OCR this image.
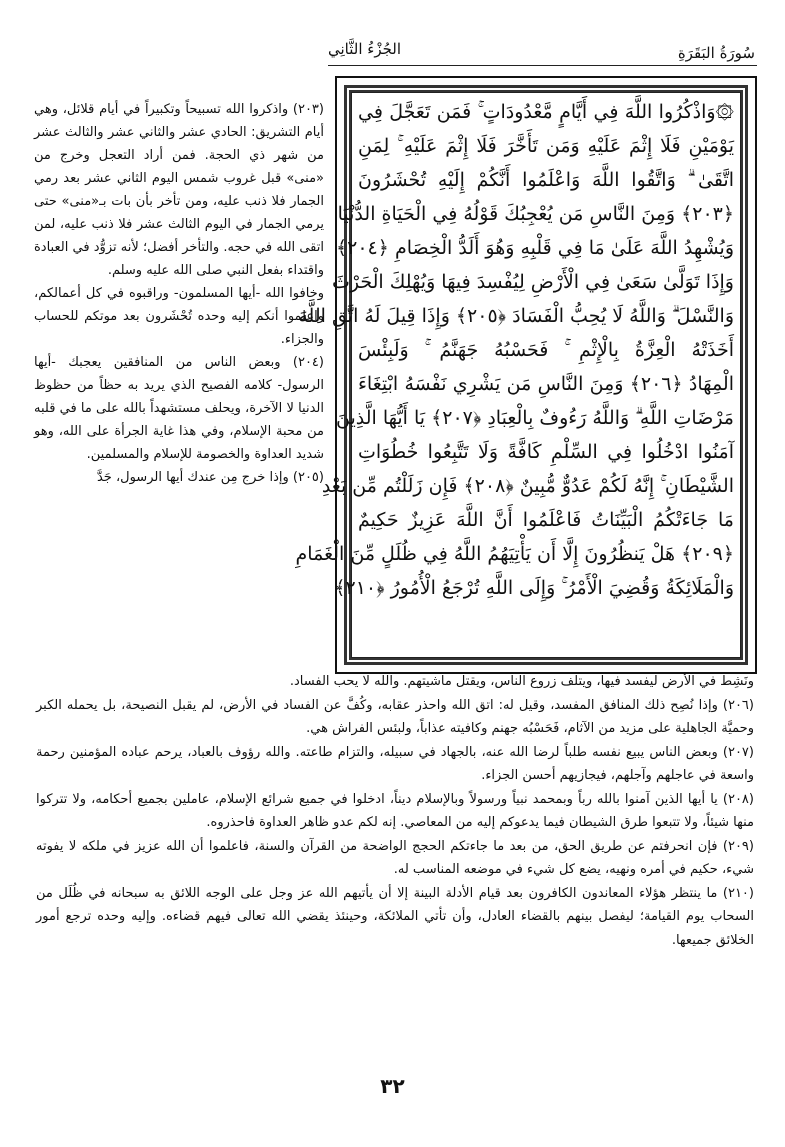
الجُزْءُ الثَّانِي	سُورَةُ البَقَرَةِ
۞وَاذْكُرُوا اللَّهَ فِي أَيَّامٍ مَّعْدُودَاتٍ ۚ فَمَن تَعَجَّلَ فِي
يَوْمَيْنِ فَلَا إِثْمَ عَلَيْهِ وَمَن تَأَخَّرَ فَلَا إِثْمَ عَلَيْهِ ۚ لِمَنِ
اتَّقَىٰ ۗ وَاتَّقُوا اللَّهَ وَاعْلَمُوا أَنَّكُمْ إِلَيْهِ تُحْشَرُونَ
﴿٢٠٣﴾ وَمِنَ النَّاسِ مَن يُعْجِبُكَ قَوْلُهُ فِي الْحَيَاةِ الدُّنْيَا
وَيُشْهِدُ اللَّهَ عَلَىٰ مَا فِي قَلْبِهِ وَهُوَ أَلَدُّ الْخِصَامِ ﴿٢٠٤﴾
وَإِذَا تَوَلَّىٰ سَعَىٰ فِي الْأَرْضِ لِيُفْسِدَ فِيهَا وَيُهْلِكَ الْحَرْثَ
وَالنَّسْلَ ۗ وَاللَّهُ لَا يُحِبُّ الْفَسَادَ ﴿٢٠٥﴾ وَإِذَا قِيلَ لَهُ اتَّقِ اللَّهَ
أَخَذَتْهُ الْعِزَّةُ بِالْإِثْمِ ۚ فَحَسْبُهُ جَهَنَّمُ ۚ وَلَبِئْسَ
الْمِهَادُ ﴿٢٠٦﴾ وَمِنَ النَّاسِ مَن يَشْرِي نَفْسَهُ ابْتِغَاءَ
مَرْضَاتِ اللَّهِ ۗ وَاللَّهُ رَءُوفٌ بِالْعِبَادِ ﴿٢٠٧﴾ يَا أَيُّهَا الَّذِينَ
آمَنُوا ادْخُلُوا فِي السِّلْمِ كَافَّةً وَلَا تَتَّبِعُوا خُطُوَاتِ
الشَّيْطَانِ ۚ إِنَّهُ لَكُمْ عَدُوٌّ مُّبِينٌ ﴿٢٠٨﴾ فَإِن زَلَلْتُم مِّن بَعْدِ
مَا جَاءَتْكُمُ الْبَيِّنَاتُ فَاعْلَمُوا أَنَّ اللَّهَ عَزِيزٌ حَكِيمٌ
﴿٢٠٩﴾ هَلْ يَنظُرُونَ إِلَّا أَن يَأْتِيَهُمُ اللَّهُ فِي ظُلَلٍ مِّنَ الْغَمَامِ
وَالْمَلَائِكَةُ وَقُضِيَ الْأَمْرُ ۚ وَإِلَى اللَّهِ تُرْجَعُ الْأُمُورُ ﴿٢١٠﴾

(٢٠٣) واذكروا الله تسبيحاً وتكبيراً في أيام قلائل، وهي أيام التشريق: الحادي عشر والثاني عشر والثالث عشر من شهر ذي الحجة. فمن أراد التعجل وخرج من «منى» قبل غروب شمس اليوم الثاني عشر بعد رمي الجمار فلا ذنب عليه، ومن تأخر بأن بات بـ«منى» حتى يرمي الجمار في اليوم الثالث عشر فلا ذنب عليه، لمن اتقى الله في حجه. والتأخر أفضل؛ لأنه تزوُّد في العبادة واقتداء بفعل النبي صلى الله عليه وسلم.

وخافوا الله -أيها المسلمون- وراقبوه في كل أعمالكم، واعلموا أنكم إليه وحده تُحْشَرون بعد موتكم للحساب والجزاء.

(٢٠٤) وبعض الناس من المنافقين يعجبك -أيها الرسول- كلامه الفصيح الذي يريد به حظاً من حظوظ الدنيا لا الآخرة، ويحلف مستشهداً بالله على ما في قلبه من محبة الإسلام، وفي هذا غاية الجرأة على الله، وهو شديد العداوة والخصومة للإسلام والمسلمين.

(٢٠٥) وإذا خرج مِن عندك أيها الرسول، جَدَّ

ونَشِط في الأرض ليفسد فيها، ويتلف زروع الناس، ويقتل ماشيتهم. والله لا يحب الفساد.

(٢٠٦) وإذا نُصِح ذلك المنافق المفسد، وقيل له: اتق الله واحذر عقابه، وكُفَّ عن الفساد في الأرض، لم يقبل النصيحة، بل يحمله الكبر وحميَّة الجاهلية على مزيد من الآثام، فَحَسْبُه جهنم وكافيته عذاباً، ولبئس الفراش هي.

(٢٠٧) وبعض الناس يبيع نفسه طلباً لرضا الله عنه، بالجهاد في سبيله، والتزام طاعته. والله رؤوف بالعباد، يرحم عباده المؤمنين رحمة واسعة في عاجلهم وآجلهم، فيجازيهم أحسن الجزاء.

(٢٠٨) يا أيها الذين آمنوا بالله رباً وبمحمد نبياً ورسولاً وبالإسلام ديناً، ادخلوا في جميع شرائع الإسلام، عاملين بجميع أحكامه، ولا تتركوا منها شيئاً، ولا تتبعوا طرق الشيطان فيما يدعوكم إليه من المعاصي. إنه لكم عدو ظاهر العداوة فاحذروه.

(٢٠٩) فإن انحرفتم عن طريق الحق، من بعد ما جاءتكم الحجج الواضحة من القرآن والسنة، فاعلموا أن الله عزيز في ملكه لا يفوته شيء، حكيم في أمره ونهيه، يضع كل شيء في موضعه المناسب له.

(٢١٠) ما ينتظر هؤلاء المعاندون الكافرون بعد قيام الأدلة البينة إلا أن يأتيهم الله عز وجل على الوجه اللائق به سبحانه في ظُلَل من السحاب يوم القيامة؛ ليفصل بينهم بالقضاء العادل، وأن تأتي الملائكة، وحينئذ يقضي الله تعالى فيهم قضاءه. وإليه وحده ترجع أمور الخلائق جميعها.

٣٢
